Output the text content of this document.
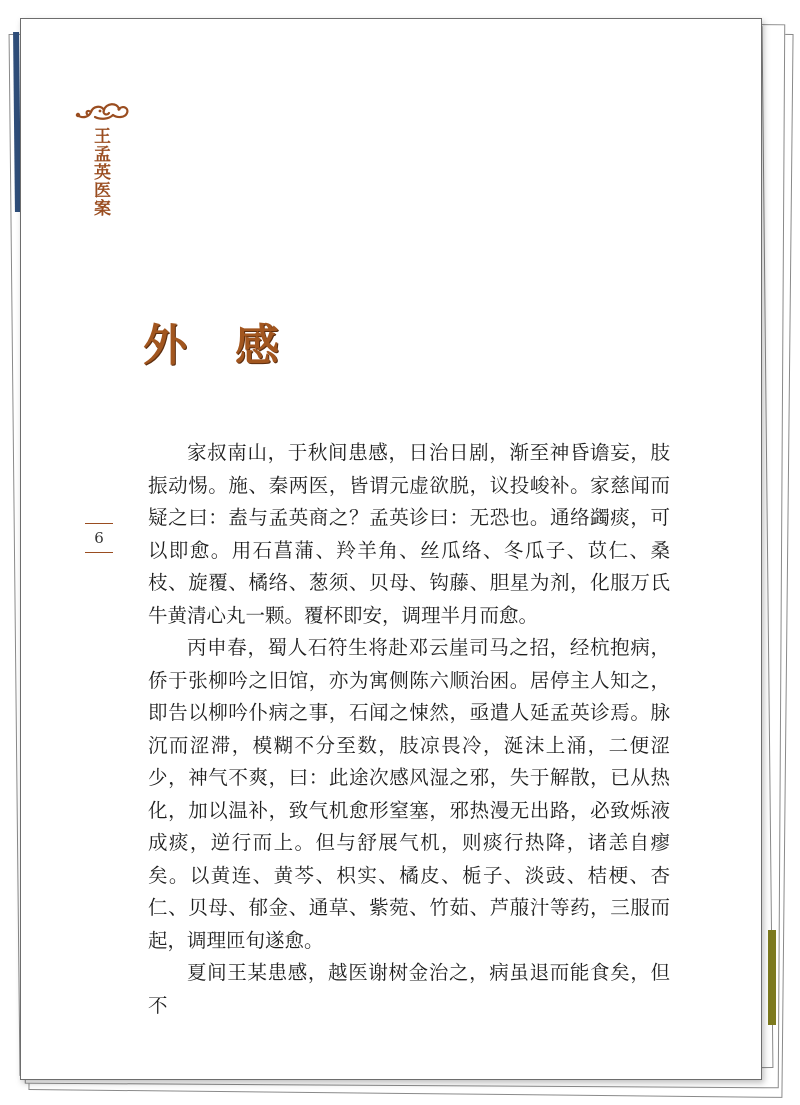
王孟英医案
外感
6

家叔南山，于秋间患感，日治日剧，渐至神昏谵妄，肢振动惕。施、秦两医，皆谓元虚欲脱，议投峻补。家慈闻而疑之曰：盍与孟英商之？孟英诊曰：无恐也。通络蠲痰，可以即愈。用石菖蒲、羚羊角、丝瓜络、冬瓜子、苡仁、桑枝、旋覆、橘络、葱须、贝母、钩藤、胆星为剂，化服万氏牛黄清心丸一颗。覆杯即安，调理半月而愈。

丙申春，蜀人石符生将赴邓云崖司马之招，经杭抱病，侨于张柳吟之旧馆，亦为寓侧陈六顺治困。居停主人知之，即告以柳吟仆病之事，石闻之悚然，亟遣人延孟英诊焉。脉沉而涩滞，模糊不分至数，肢凉畏冷，涎沫上涌，二便涩少，神气不爽，曰：此途次感风湿之邪，失于解散，已从热化，加以温补，致气机愈形窒塞，邪热漫无出路，必致烁液成痰，逆行而上。但与舒展气机，则痰行热降，诸恙自瘳矣。以黄连、黄芩、枳实、橘皮、栀子、淡豉、桔梗、杏仁、贝母、郁金、通草、紫菀、竹茹、芦菔汁等药，三服而起，调理匝旬遂愈。

夏间王某患感，越医谢树金治之，病虽退而能食矣，但不
